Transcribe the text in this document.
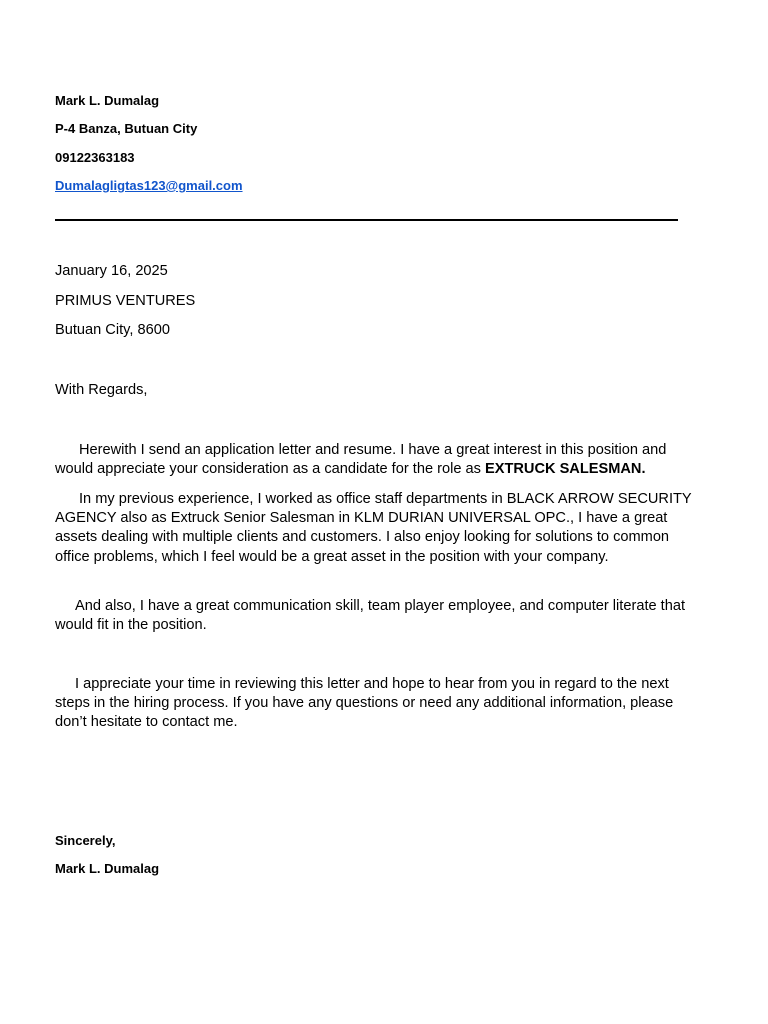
Mark L. Dumalag
P-4 Banza, Butuan City
09122363183
Dumalagligtas123@gmail.com
January 16, 2025
PRIMUS VENTURES
Butuan City, 8600
With Regards,
Herewith I send an application letter and resume. I have a great interest in this position and would appreciate your consideration as a candidate for the role as EXTRUCK SALESMAN.
In my previous experience, I worked as office staff departments in BLACK ARROW SECURITY AGENCY also as Extruck Senior Salesman in KLM DURIAN UNIVERSAL OPC., I have a great assets dealing with multiple clients and customers. I also enjoy looking for solutions to common office problems, which I feel would be a great asset in the position with your company.
And also, I have a great communication skill, team player employee, and computer literate that would fit in the position.
I appreciate your time in reviewing this letter and hope to hear from you in regard to the next steps in the hiring process. If you have any questions or need any additional information, please don’t hesitate to contact me.
Sincerely,
Mark L. Dumalag
